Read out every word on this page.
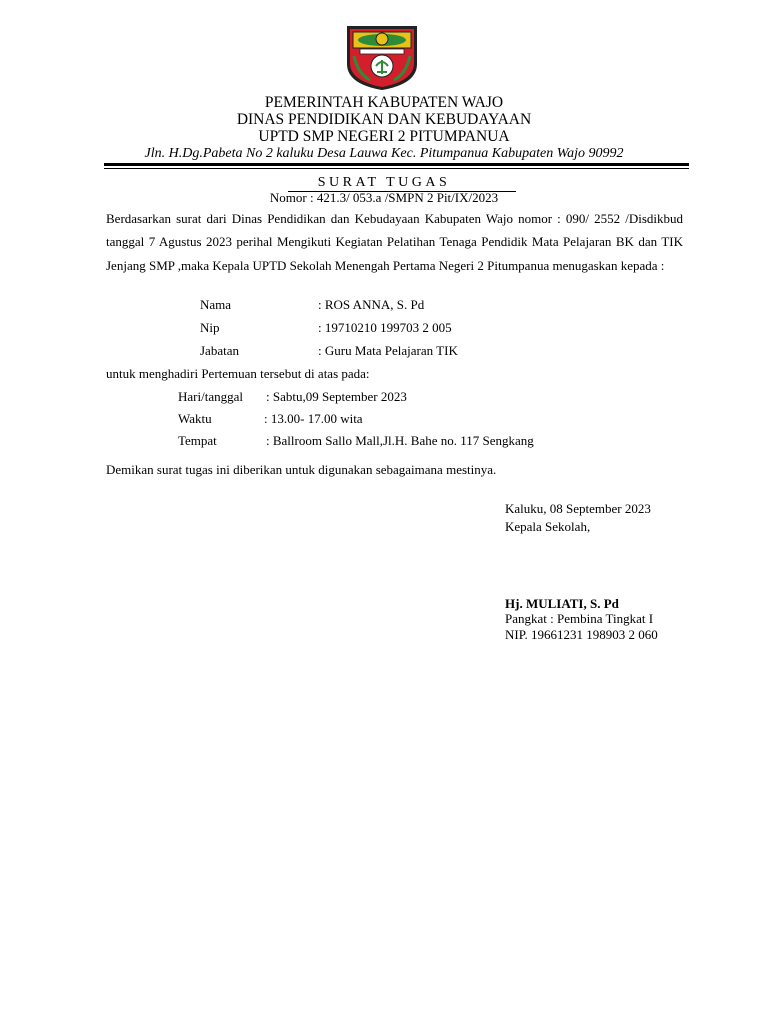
PEMERINTAH KABUPATEN WAJO
DINAS PENDIDIKAN DAN KEBUDAYAAN
UPTD SMP NEGERI 2 PITUMPANUA
Jln. H.Dg.Pabeta No 2 kaluku Desa Lauwa Kec. Pitumpanua Kabupaten Wajo 90992
SURAT TUGAS
Nomor : 421.3/ 053.a /SMPN 2 Pit/IX/2023
Berdasarkan surat dari Dinas Pendidikan dan Kebudayaan Kabupaten Wajo nomor : 090/ 2552 /Disdikbud tanggal 7 Agustus 2023 perihal Mengikuti Kegiatan Pelatihan Tenaga Pendidik Mata Pelajaran BK dan TIK Jenjang SMP ,maka Kepala UPTD Sekolah Menengah Pertama Negeri 2 Pitumpanua menugaskan kepada :
Nama	: ROS ANNA, S. Pd
Nip	: 19710210 199703 2 005
Jabatan	: Guru Mata Pelajaran TIK
untuk menghadiri Pertemuan tersebut di atas pada:
Hari/tanggal : Sabtu,09 September 2023
Waktu	: 13.00- 17.00 wita
Tempat	: Ballroom Sallo Mall,Jl.H. Bahe no. 117 Sengkang
Demikan surat tugas ini diberikan untuk digunakan sebagaimana mestinya.
Kaluku, 08 September 2023
Kepala Sekolah,
Hj. MULIATI, S. Pd
Pangkat : Pembina Tingkat I
NIP. 19661231 198903 2 060
